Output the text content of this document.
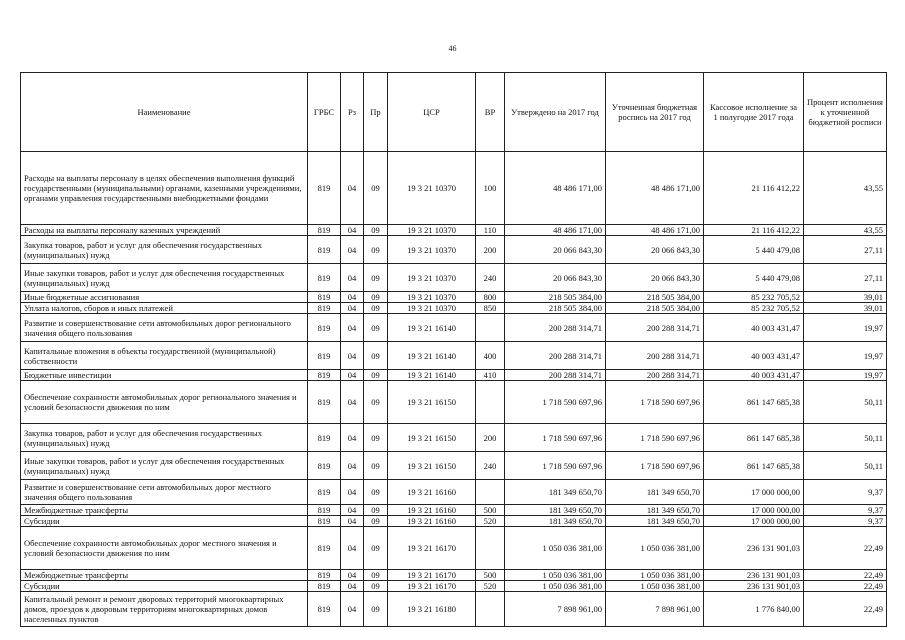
46
Наименование	ГРБС	Рз	Пр	ЦСР	ВР	Утверждено на 2017 год	Уточненная бюджетная роспись на 2017 год	Кассовое исполнение за 1 полугодие 2017 года	Процент исполнения к уточненной бюджетной росписи
Расходы на выплаты персоналу в целях обеспечения выполнения функций государственными (муниципальными) органами, казенными учреждениями, органами управления государственными внебюджетными фондами	819	04	09	19 3 21 10370	100	48 486 171,00	48 486 171,00	21 116 412,22	43,55
Расходы на выплаты персоналу казенных учреждений	819	04	09	19 3 21 10370	110	48 486 171,00	48 486 171,00	21 116 412,22	43,55
Закупка товаров, работ и услуг для обеспечения государственных (муниципальных) нужд	819	04	09	19 3 21 10370	200	20 066 843,30	20 066 843,30	5 440 479,08	27,11
Иные закупки товаров, работ и услуг для обеспечения государственных (муниципальных) нужд	819	04	09	19 3 21 10370	240	20 066 843,30	20 066 843,30	5 440 479,08	27,11
Иные бюджетные ассигнования	819	04	09	19 3 21 10370	800	218 505 384,00	218 505 384,00	85 232 705,52	39,01
Уплата налогов, сборов и иных платежей	819	04	09	19 3 21 10370	850	218 505 384,00	218 505 384,00	85 232 705,52	39,01
Развитие и совершенствование сети автомобильных дорог регионального значения общего пользования	819	04	09	19 3 21 16140		200 288 314,71	200 288 314,71	40 003 431,47	19,97
Капитальные вложения в объекты государственной (муниципальной) собственности	819	04	09	19 3 21 16140	400	200 288 314,71	200 288 314,71	40 003 431,47	19,97
Бюджетные инвестиции	819	04	09	19 3 21 16140	410	200 288 314,71	200 288 314,71	40 003 431,47	19,97
Обеспечение сохранности автомобильных дорог регионального значения и условий безопасности движения по ним	819	04	09	19 3 21 16150		1 718 590 697,96	1 718 590 697,96	861 147 685,38	50,11
Закупка товаров, работ и услуг для обеспечения государственных (муниципальных) нужд	819	04	09	19 3 21 16150	200	1 718 590 697,96	1 718 590 697,96	861 147 685,38	50,11
Иные закупки товаров, работ и услуг для обеспечения государственных (муниципальных) нужд	819	04	09	19 3 21 16150	240	1 718 590 697,96	1 718 590 697,96	861 147 685,38	50,11
Развитие и совершенствование сети автомобильных дорог местного значения общего пользования	819	04	09	19 3 21 16160		181 349 650,70	181 349 650,70	17 000 000,00	9,37
Межбюджетные трансферты	819	04	09	19 3 21 16160	500	181 349 650,70	181 349 650,70	17 000 000,00	9,37
Субсидии	819	04	09	19 3 21 16160	520	181 349 650,70	181 349 650,70	17 000 000,00	9,37
Обеспечение сохранности автомобильных дорог местного значения и условий безопасности движения по ним	819	04	09	19 3 21 16170		1 050 036 381,00	1 050 036 381,00	236 131 901,03	22,49
Межбюджетные трансферты	819	04	09	19 3 21 16170	500	1 050 036 381,00	1 050 036 381,00	236 131 901,03	22,49
Субсидии	819	04	09	19 3 21 16170	520	1 050 036 381,00	1 050 036 381,00	236 131 901,03	22,49
Капитальный ремонт и ремонт дворовых территорий многоквартирных домов, проездов к дворовым территориям многоквартирных домов населенных пунктов	819	04	09	19 3 21 16180		7 898 961,00	7 898 961,00	1 776 840,00	22,49
